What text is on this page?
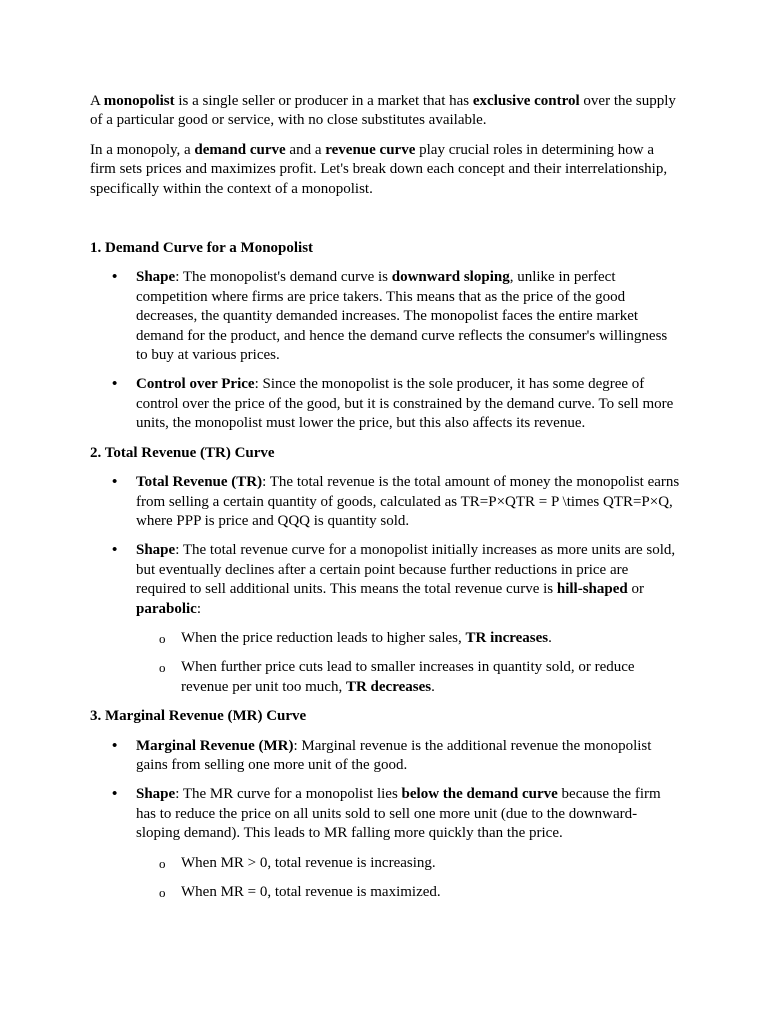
A monopolist is a single seller or producer in a market that has exclusive control over the supply of a particular good or service, with no close substitutes available.

In a monopoly, a demand curve and a revenue curve play crucial roles in determining how a firm sets prices and maximizes profit. Let's break down each concept and their interrelationship, specifically within the context of a monopolist.

1. Demand Curve for a Monopolist

• Shape: The monopolist's demand curve is downward sloping, unlike in perfect competition where firms are price takers. This means that as the price of the good decreases, the quantity demanded increases. The monopolist faces the entire market demand for the product, and hence the demand curve reflects the consumer's willingness to buy at various prices.

• Control over Price: Since the monopolist is the sole producer, it has some degree of control over the price of the good, but it is constrained by the demand curve. To sell more units, the monopolist must lower the price, but this also affects its revenue.

2. Total Revenue (TR) Curve

• Total Revenue (TR): The total revenue is the total amount of money the monopolist earns from selling a certain quantity of goods, calculated as TR=P×QTR = P \times QTR=P×Q, where PPP is price and QQQ is quantity sold.

• Shape: The total revenue curve for a monopolist initially increases as more units are sold, but eventually declines after a certain point because further reductions in price are required to sell additional units. This means the total revenue curve is hill-shaped or parabolic:

o When the price reduction leads to higher sales, TR increases.

o When further price cuts lead to smaller increases in quantity sold, or reduce revenue per unit too much, TR decreases.

3. Marginal Revenue (MR) Curve

• Marginal Revenue (MR): Marginal revenue is the additional revenue the monopolist gains from selling one more unit of the good.

• Shape: The MR curve for a monopolist lies below the demand curve because the firm has to reduce the price on all units sold to sell one more unit (due to the downward-sloping demand). This leads to MR falling more quickly than the price.

o When MR > 0, total revenue is increasing.

o When MR = 0, total revenue is maximized.
